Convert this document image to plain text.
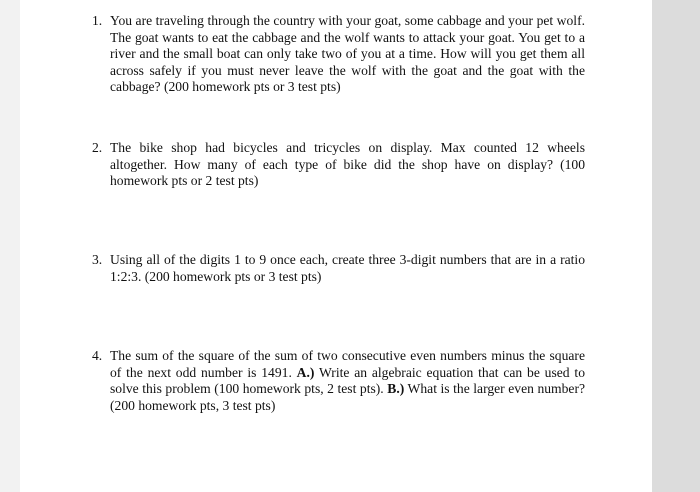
1. You are traveling through the country with your goat, some cabbage and your pet wolf. The goat wants to eat the cabbage and the wolf wants to attack your goat. You get to a river and the small boat can only take two of you at a time. How will you get them all across safely if you must never leave the wolf with the goat and the goat with the cabbage? (200 homework pts or 3 test pts)
2. The bike shop had bicycles and tricycles on display. Max counted 12 wheels altogether. How many of each type of bike did the shop have on display? (100 homework pts or 2 test pts)
3. Using all of the digits 1 to 9 once each, create three 3-digit numbers that are in a ratio 1:2:3. (200 homework pts or 3 test pts)
4. The sum of the square of the sum of two consecutive even numbers minus the square of the next odd number is 1491. A.) Write an algebraic equation that can be used to solve this problem (100 homework pts, 2 test pts). B.) What is the larger even number? (200 homework pts, 3 test pts)
